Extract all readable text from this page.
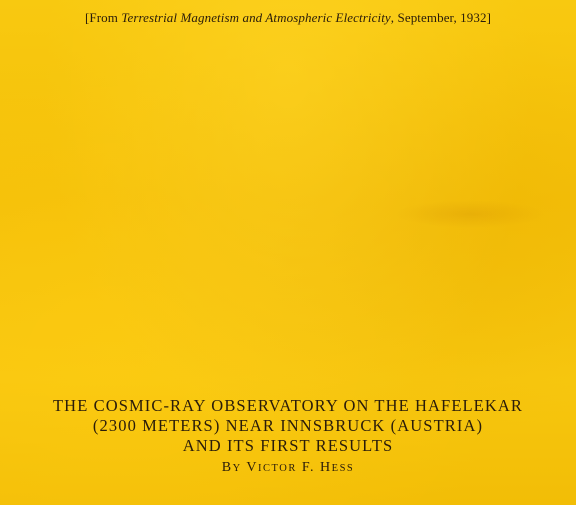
[From Terrestrial Magnetism and Atmospheric Electricity, September, 1932]
THE COSMIC-RAY OBSERVATORY ON THE HAFELEKAR
(2300 METERS) NEAR INNSBRUCK (AUSTRIA)
AND ITS FIRST RESULTS
BY VICTOR F. HESS
